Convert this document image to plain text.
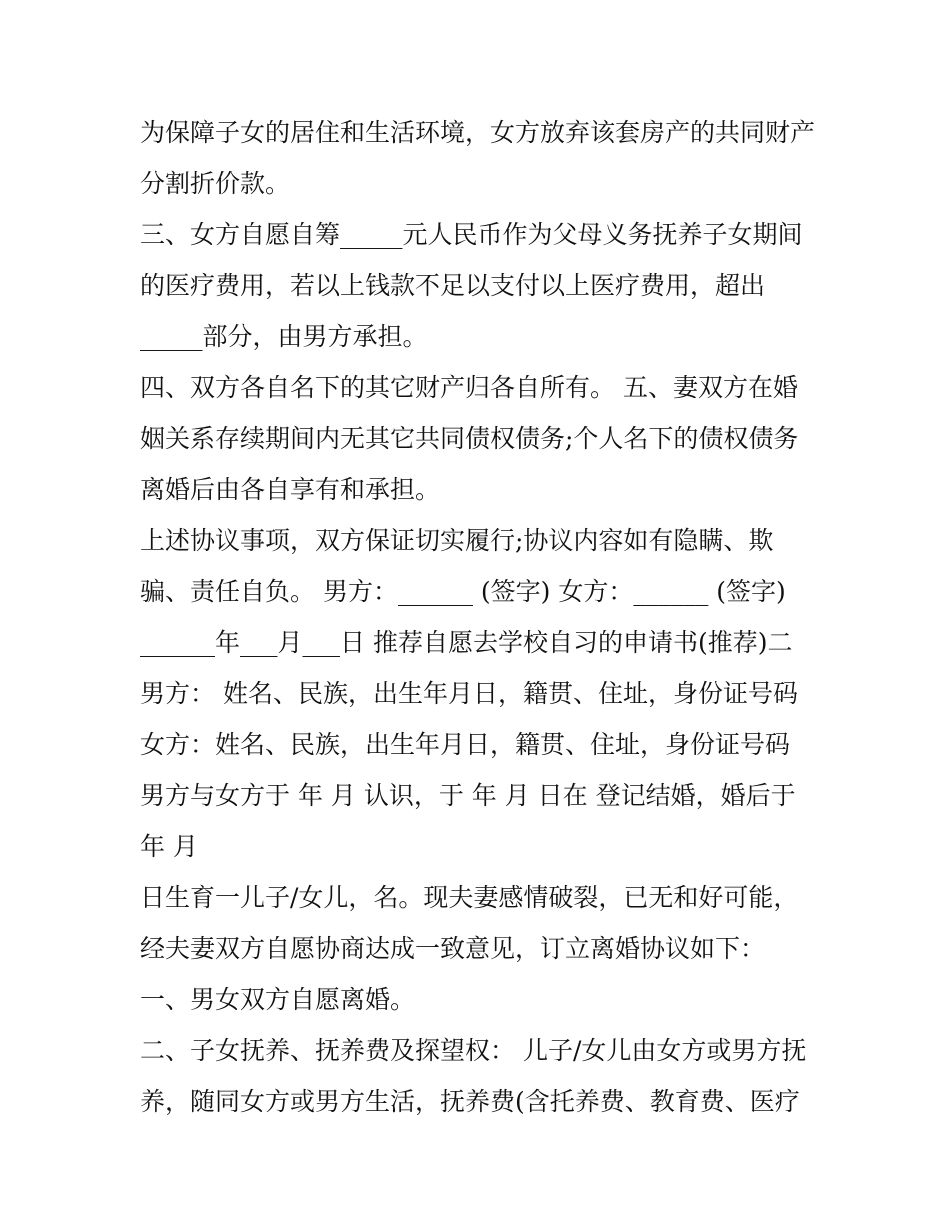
为保障子女的居住和生活环境，女方放弃该套房产的共同财产
分割折价款。
三、女方自愿自筹_____元人民币作为父母义务抚养子女期间
的医疗费用，若以上钱款不足以支付以上医疗费用，超出
_____部分，由男方承担。
四、双方各自名下的其它财产归各自所有。 五、妻双方在婚
姻关系存续期间内无其它共同债权债务;个人名下的债权债务
离婚后由各自享有和承担。
上述协议事项，双方保证切实履行;协议内容如有隐瞒、欺
骗、责任自负。 男方：______ (签字) 女方：______ (签字)
______年___月___日 推荐自愿去学校自习的申请书(推荐)二
男方： 姓名、民族，出生年月日，籍贯、住址，身份证号码
女方：姓名、民族，出生年月日，籍贯、住址，身份证号码
男方与女方于 年 月 认识，于 年 月 日在 登记结婚，婚后于
年 月
日生育一儿子/女儿，名。现夫妻感情破裂，已无和好可能，
经夫妻双方自愿协商达成一致意见，订立离婚协议如下：
一、男女双方自愿离婚。
二、子女抚养、抚养费及探望权： 儿子/女儿由女方或男方抚
养，随同女方或男方生活，抚养费(含托养费、教育费、医疗
